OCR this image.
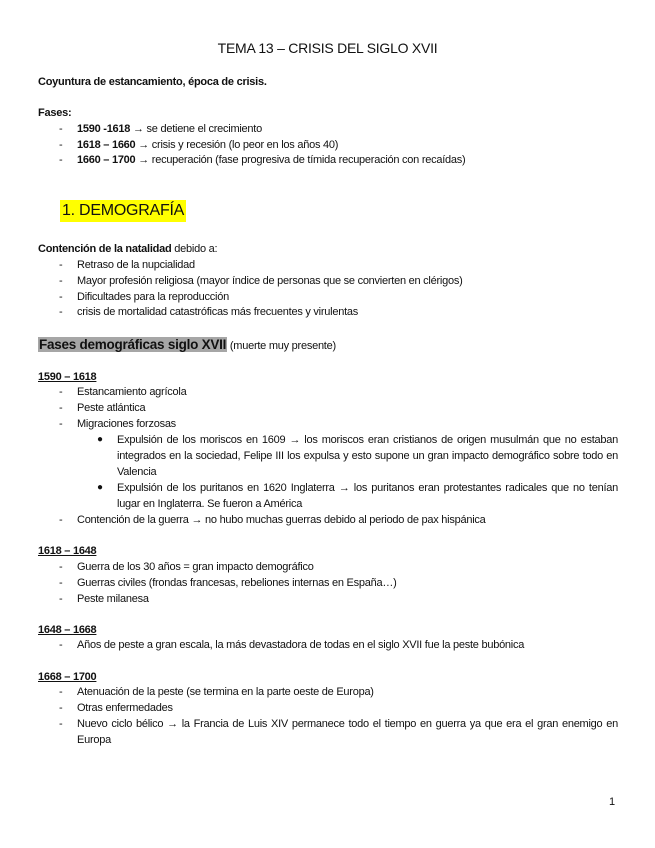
TEMA 13 – CRISIS DEL SIGLO XVII
Coyuntura de estancamiento, época de crisis.
Fases:
- 1590 -1618 → se detiene el crecimiento
- 1618 – 1660 → crisis y recesión (lo peor en los años 40)
- 1660 – 1700 → recuperación (fase progresiva de tímida recuperación con recaídas)
1. DEMOGRAFÍA
Contención de la natalidad debido a:
- Retraso de la nupcialidad
- Mayor profesión religiosa (mayor índice de personas que se convierten en clérigos)
- Dificultades para la reproducción
- crisis de mortalidad catastróficas más frecuentes y virulentas
Fases demográficas siglo XVII (muerte muy presente)
1590 – 1618
- Estancamiento agrícola
- Peste atlántica
- Migraciones forzosas
● Expulsión de los moriscos en 1609 → los moriscos eran cristianos de origen musulmán que no estaban integrados en la sociedad, Felipe III los expulsa y esto supone un gran impacto demográfico sobre todo en Valencia
● Expulsión de los puritanos en 1620 Inglaterra → los puritanos eran protestantes radicales que no tenían lugar en Inglaterra. Se fueron a América
- Contención de la guerra → no hubo muchas guerras debido al periodo de pax hispánica
1618 – 1648
- Guerra de los 30 años = gran impacto demográfico
- Guerras civiles (frondas francesas, rebeliones internas en España…)
- Peste milanesa
1648 – 1668
- Años de peste a gran escala, la más devastadora de todas en el siglo XVII fue la peste bubónica
1668 – 1700
- Atenuación de la peste (se termina en la parte oeste de Europa)
- Otras enfermedades
- Nuevo ciclo bélico → la Francia de Luis XIV permanece todo el tiempo en guerra ya que era el gran enemigo en Europa
1
